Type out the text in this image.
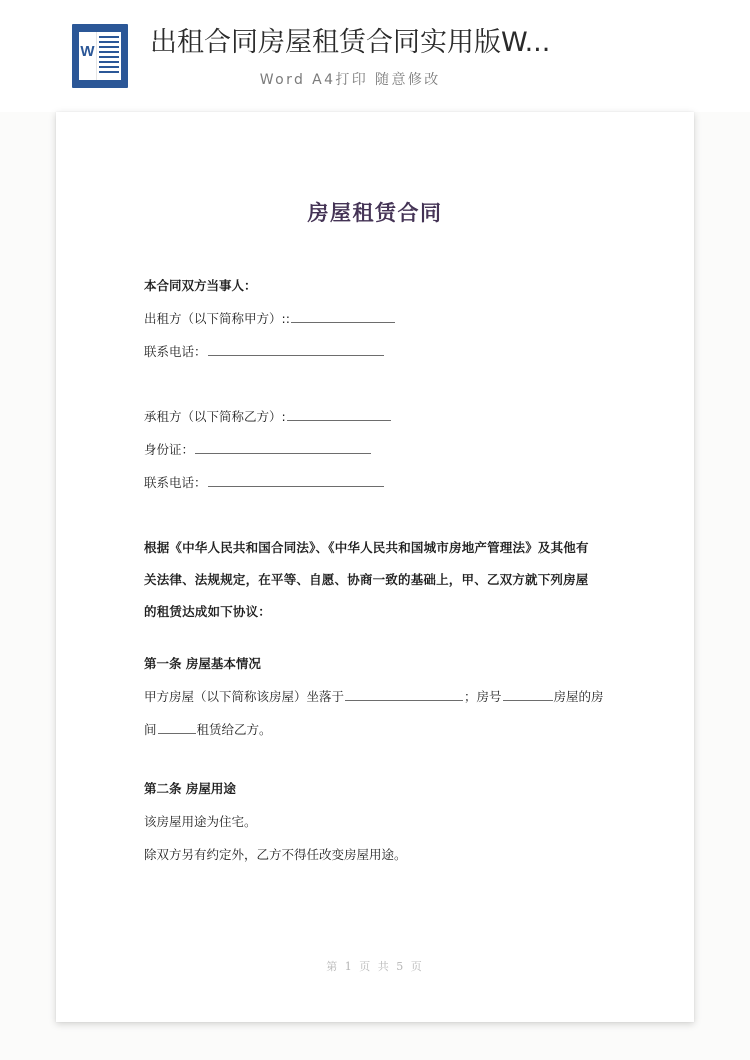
W 出租合同房屋租赁合同实用版W...
Word A4打印 随意修改
房屋租赁合同

本合同双方当事人：

出租方（以下简称甲方）::

联系电话：

承租方（以下简称乙方）:

身份证：

联系电话：

根据《中华人民共和国合同法》、《中华人民共和国城市房地产管理法》及其他有

关法律、法规规定，在平等、自愿、协商一致的基础上，甲、乙双方就下列房屋

的租赁达成如下协议：

第一条 房屋基本情况

甲方房屋（以下简称该房屋）坐落于	；房号	房屋的房

间	租赁给乙方。

第二条 房屋用途

该房屋用途为住宅。

除双方另有约定外，乙方不得任改变房屋用途。

第 1 页 共 5 页
